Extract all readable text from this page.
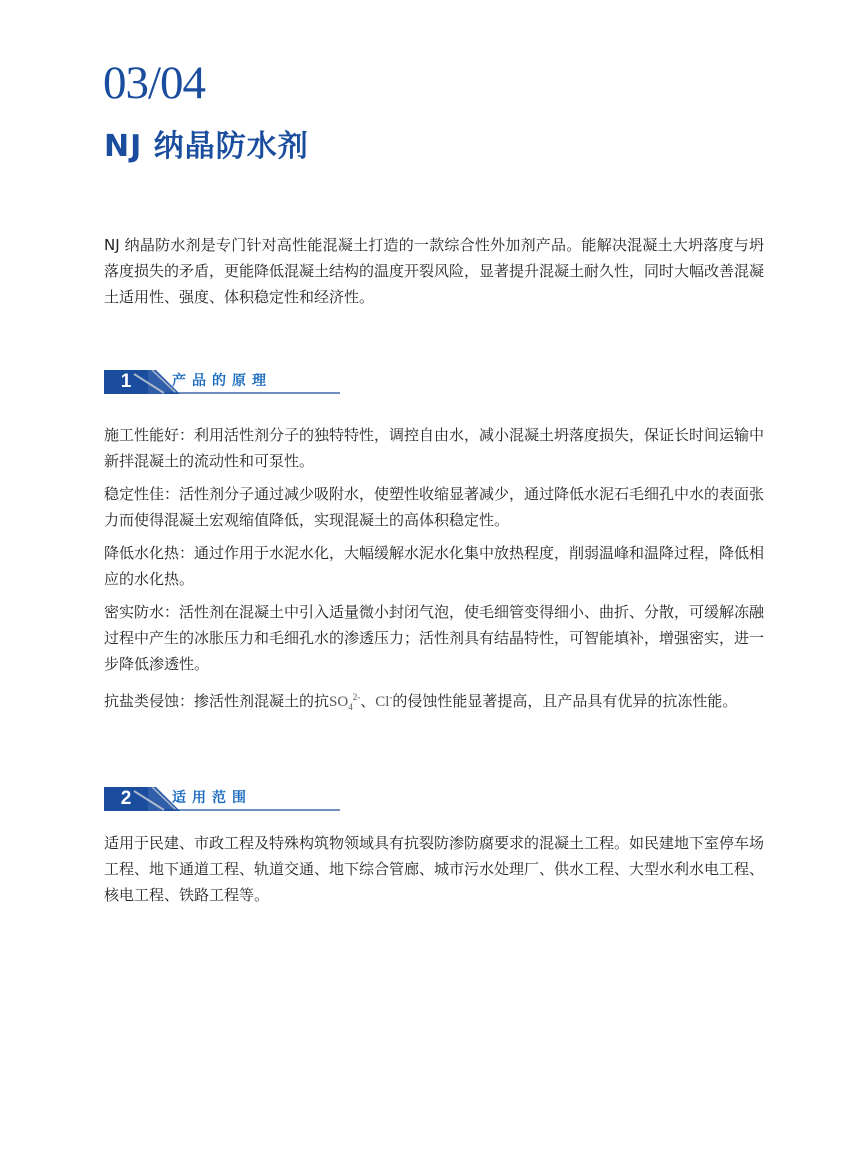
03/04
NJ 纳晶防水剂

NJ 纳晶防水剂是专门针对高性能混凝土打造的一款综合性外加剂产品。能解决混凝土大坍落度与坍落度损失的矛盾，更能降低混凝土结构的温度开裂风险，显著提升混凝土耐久性，同时大幅改善混凝土适用性、强度、体积稳定性和经济性。

1	产品的原理

施工性能好：利用活性剂分子的独特特性，调控自由水，减小混凝土坍落度损失，保证长时间运输中新拌混凝土的流动性和可泵性。

稳定性佳：活性剂分子通过减少吸附水，使塑性收缩显著减少，通过降低水泥石毛细孔中水的表面张力而使得混凝土宏观缩值降低，实现混凝土的高体积稳定性。

降低水化热：通过作用于水泥水化，大幅缓解水泥水化集中放热程度，削弱温峰和温降过程，降低相应的水化热。

密实防水：活性剂在混凝土中引入适量微小封闭气泡，使毛细管变得细小、曲折、分散，可缓解冻融过程中产生的冰胀压力和毛细孔水的渗透压力；活性剂具有结晶特性，可智能填补，增强密实，进一步降低渗透性。

抗盐类侵蚀：掺活性剂混凝土的抗$SO_4^{2-}$、Cl-的侵蚀性能显著提高，且产品具有优异的抗冻性能。

2	适用范围

适用于民建、市政工程及特殊构筑物领域具有抗裂防渗防腐要求的混凝土工程。如民建地下室停车场工程、地下通道工程、轨道交通、地下综合管廊、城市污水处理厂、供水工程、大型水利水电工程、核电工程、铁路工程等。
